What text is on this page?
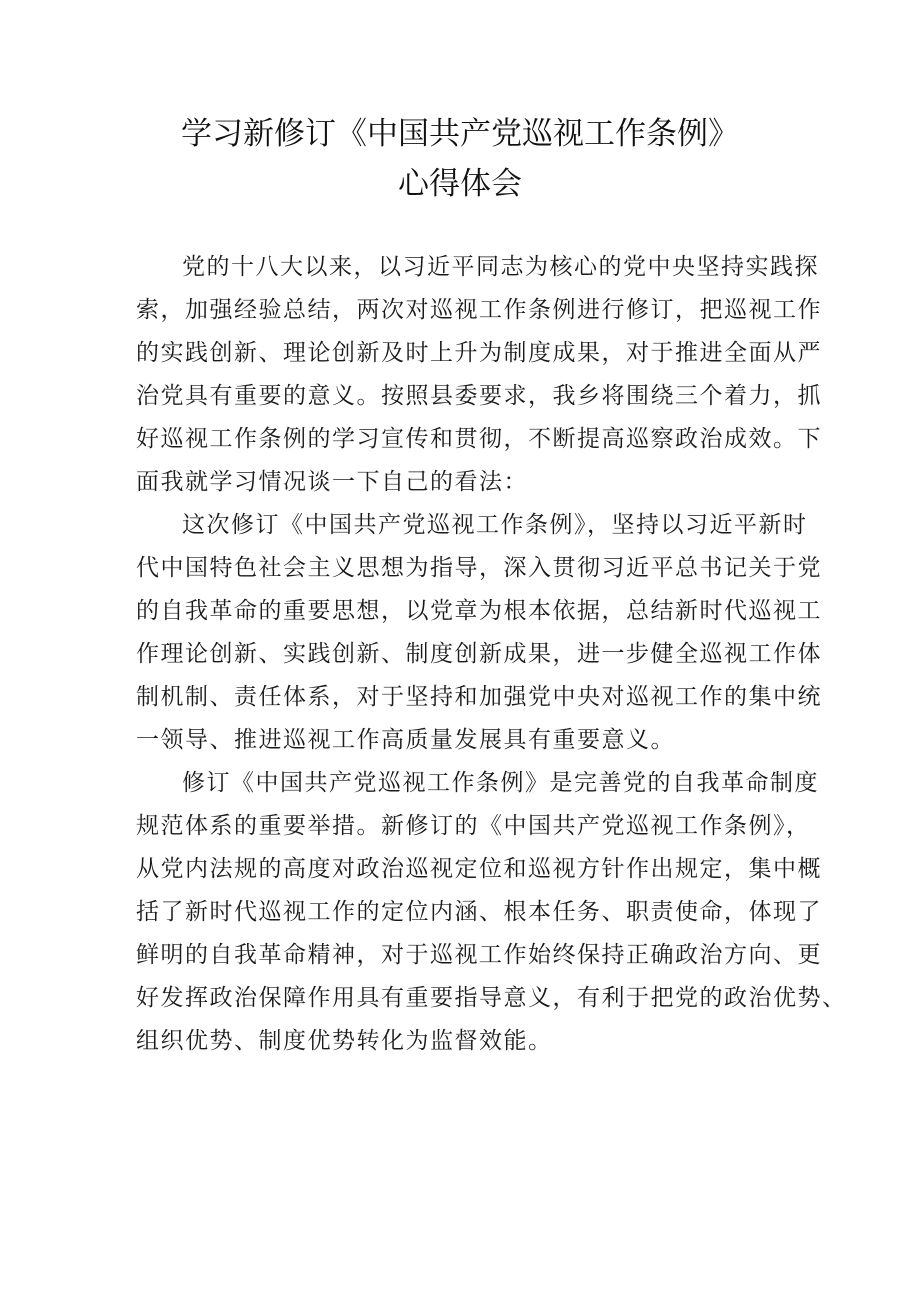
学习新修订《中国共产党巡视工作条例》
心得体会
党的十八大以来，以习近平同志为核心的党中央坚持实践探
索，加强经验总结，两次对巡视工作条例进行修订，把巡视工作
的实践创新、理论创新及时上升为制度成果，对于推进全面从严
治党具有重要的意义。按照县委要求，我乡将围绕三个着力，抓
好巡视工作条例的学习宣传和贯彻，不断提高巡察政治成效。下
面我就学习情况谈一下自己的看法：
这次修订《中国共产党巡视工作条例》，坚持以习近平新时
代中国特色社会主义思想为指导，深入贯彻习近平总书记关于党
的自我革命的重要思想，以党章为根本依据，总结新时代巡视工
作理论创新、实践创新、制度创新成果，进一步健全巡视工作体
制机制、责任体系，对于坚持和加强党中央对巡视工作的集中统
一领导、推进巡视工作高质量发展具有重要意义。
修订《中国共产党巡视工作条例》是完善党的自我革命制度
规范体系的重要举措。新修订的《中国共产党巡视工作条例》，
从党内法规的高度对政治巡视定位和巡视方针作出规定，集中概
括了新时代巡视工作的定位内涵、根本任务、职责使命，体现了
鲜明的自我革命精神，对于巡视工作始终保持正确政治方向、更
好发挥政治保障作用具有重要指导意义，有利于把党的政治优势、
组织优势、制度优势转化为监督效能。
